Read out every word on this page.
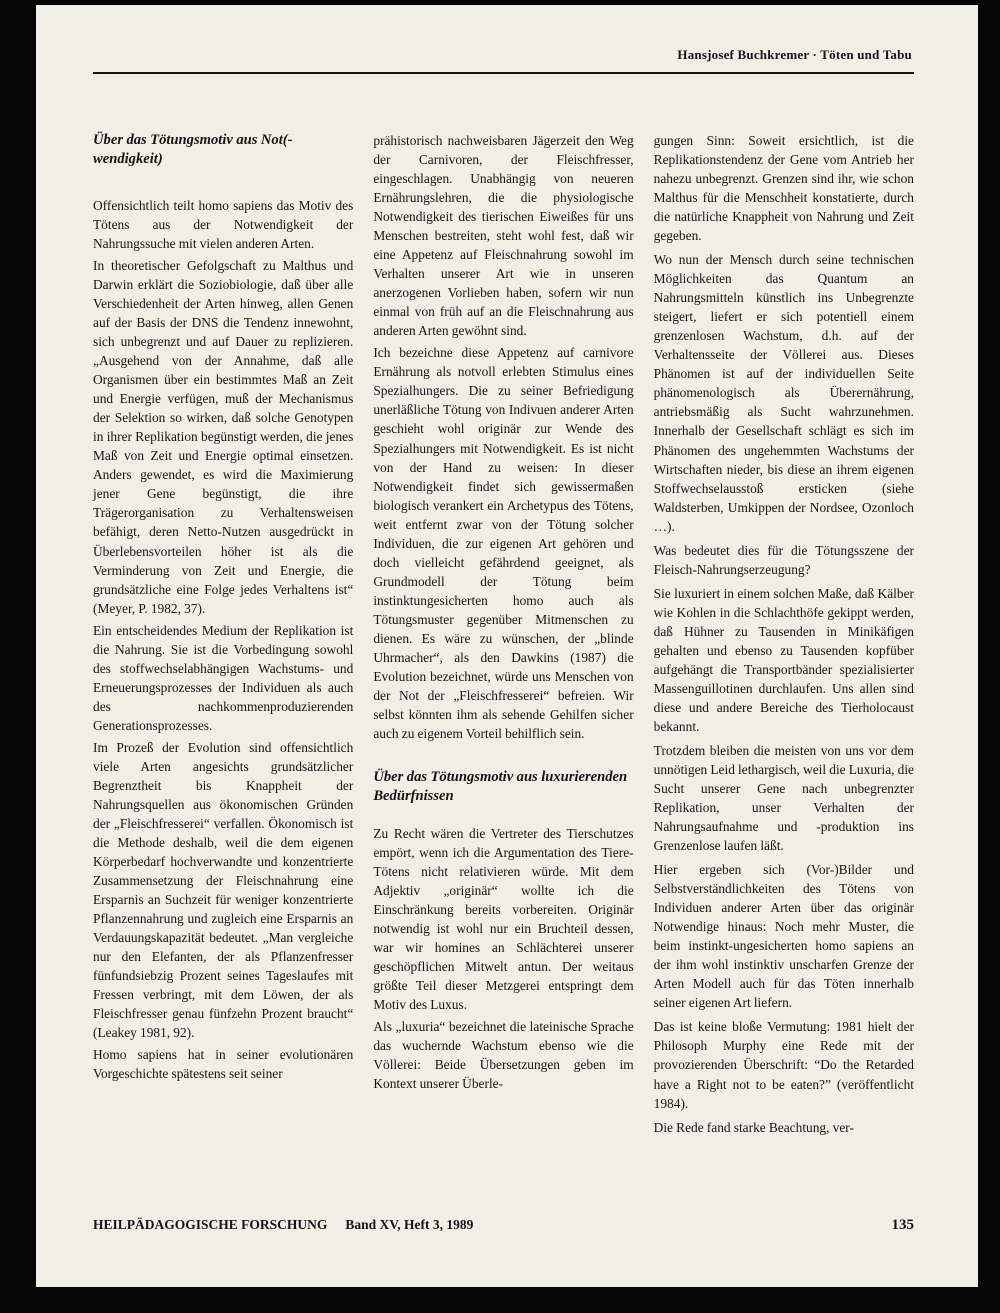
Hansjosef Buchkremer · Töten und Tabu
Über das Tötungsmotiv aus Not(-wendigkeit)

Offensichtlich teilt homo sapiens das Motiv des Tötens aus der Notwendigkeit der Nahrungssuche mit vielen anderen Arten.

In theoretischer Gefolgschaft zu Malthus und Darwin erklärt die Soziobiologie, daß über alle Verschiedenheit der Arten hinweg, allen Genen auf der Basis der DNS die Tendenz innewohnt, sich unbegrenzt und auf Dauer zu replizieren. „Ausgehend von der Annahme, daß alle Organismen über ein bestimmtes Maß an Zeit und Energie verfügen, muß der Mechanismus der Selektion so wirken, daß solche Genotypen in ihrer Replikation begünstigt werden, die jenes Maß von Zeit und Energie optimal einsetzen. Anders gewendet, es wird die Maximierung jener Gene begünstigt, die ihre Trägerorganisation zu Verhaltensweisen befähigt, deren Netto-Nutzen ausgedrückt in Überlebensvorteilen höher ist als die Verminderung von Zeit und Energie, die grundsätzliche eine Folge jedes Verhaltens ist“ (Meyer, P. 1982, 37).

Ein entscheidendes Medium der Replikation ist die Nahrung. Sie ist die Vorbedingung sowohl des stoffwechselabhängigen Wachstums- und Erneuerungsprozesses der Individuen als auch des nachkommenproduzierenden Generationsprozesses.

Im Prozeß der Evolution sind offensichtlich viele Arten angesichts grundsätzlicher Begrenztheit bis Knappheit der Nahrungsquellen aus ökonomischen Gründen der „Fleischfresserei“ verfallen. Ökonomisch ist die Methode deshalb, weil die dem eigenen Körperbedarf hochverwandte und konzentrierte Zusammensetzung der Fleischnahrung eine Ersparnis an Suchzeit für weniger konzentrierte Pflanzennahrung und zugleich eine Ersparnis an Verdauungskapazität bedeutet. „Man vergleiche nur den Elefanten, der als Pflanzenfresser fünfundsiebzig Prozent seines Tageslaufes mit Fressen verbringt, mit dem Löwen, der als Fleischfresser genau fünfzehn Prozent braucht“ (Leakey 1981, 92).

Homo sapiens hat in seiner evolutionären Vorgeschichte spätestens seit seiner

prähistorisch nachweisbaren Jägerzeit den Weg der Carnivoren, der Fleischfresser, eingeschlagen. Unabhängig von neueren Ernährungslehren, die die physiologische Notwendigkeit des tierischen Eiweißes für uns Menschen bestreiten, steht wohl fest, daß wir eine Appetenz auf Fleischnahrung sowohl im Verhalten unserer Art wie in unseren anerzogenen Vorlieben haben, sofern wir nun einmal von früh auf an die Fleischnahrung aus anderen Arten gewöhnt sind.

Ich bezeichne diese Appetenz auf carnivore Ernährung als notvoll erlebten Stimulus eines Spezialhungers. Die zu seiner Befriedigung unerläßliche Tötung von Indivuen anderer Arten geschieht wohl originär zur Wende des Spezialhungers mit Notwendigkeit. Es ist nicht von der Hand zu weisen: In dieser Notwendigkeit findet sich gewissermaßen biologisch verankert ein Archetypus des Tötens, weit entfernt zwar von der Tötung solcher Individuen, die zur eigenen Art gehören und doch vielleicht gefährdend geeignet, als Grundmodell der Tötung beim instinktungesicherten homo auch als Tötungsmuster gegenüber Mitmenschen zu dienen. Es wäre zu wünschen, der „blinde Uhrmacher“, als den Dawkins (1987) die Evolution bezeichnet, würde uns Menschen von der Not der „Fleischfresserei“ befreien. Wir selbst könnten ihm als sehende Gehilfen sicher auch zu eigenem Vorteil behilflich sein.

Über das Tötungsmotiv aus luxurierenden Bedürfnissen

Zu Recht wären die Vertreter des Tierschutzes empört, wenn ich die Argumentation des Tiere-Tötens nicht relativieren würde. Mit dem Adjektiv „originär“ wollte ich die Einschränkung bereits vorbereiten. Originär notwendig ist wohl nur ein Bruchteil dessen, war wir homines an Schlächterei unserer geschöpflichen Mitwelt antun. Der weitaus größte Teil dieser Metzgerei entspringt dem Motiv des Luxus.

Als „luxuria“ bezeichnet die lateinische Sprache das wuchernde Wachstum ebenso wie die Völlerei: Beide Übersetzungen geben im Kontext unserer Überle-

gungen Sinn: Soweit ersichtlich, ist die Replikationstendenz der Gene vom Antrieb her nahezu unbegrenzt. Grenzen sind ihr, wie schon Malthus für die Menschheit konstatierte, durch die natürliche Knappheit von Nahrung und Zeit gegeben.

Wo nun der Mensch durch seine technischen Möglichkeiten das Quantum an Nahrungsmitteln künstlich ins Unbegrenzte steigert, liefert er sich potentiell einem grenzenlosen Wachstum, d.h. auf der Verhaltensseite der Völlerei aus. Dieses Phänomen ist auf der individuellen Seite phänomenologisch als Überernährung, antriebsmäßig als Sucht wahrzunehmen. Innerhalb der Gesellschaft schlägt es sich im Phänomen des ungehemmten Wachstums der Wirtschaften nieder, bis diese an ihrem eigenen Stoffwechselausstoß ersticken (siehe Waldsterben, Umkippen der Nordsee, Ozonloch …).

Was bedeutet dies für die Tötungsszene der Fleisch-Nahrungserzeugung?

Sie luxuriert in einem solchen Maße, daß Kälber wie Kohlen in die Schlachthöfe gekippt werden, daß Hühner zu Tausenden in Minikäfigen gehalten und ebenso zu Tausenden kopfüber aufgehängt die Transportbänder spezialisierter Massenguillotinen durchlaufen. Uns allen sind diese und andere Bereiche des Tierholocaust bekannt.

Trotzdem bleiben die meisten von uns vor dem unnötigen Leid lethargisch, weil die Luxuria, die Sucht unserer Gene nach unbegrenzter Replikation, unser Verhalten der Nahrungsaufnahme und -produktion ins Grenzenlose laufen läßt.

Hier ergeben sich (Vor-)Bilder und Selbstverständlichkeiten des Tötens von Individuen anderer Arten über das originär Notwendige hinaus: Noch mehr Muster, die beim instinkt-ungesicherten homo sapiens an der ihm wohl instinktiv unscharfen Grenze der Arten Modell auch für das Töten innerhalb seiner eigenen Art liefern.

Das ist keine bloße Vermutung: 1981 hielt der Philosoph Murphy eine Rede mit der provozierenden Überschrift: “Do the Retarded have a Right not to be eaten?” (veröffentlicht 1984).

Die Rede fand starke Beachtung, ver-

HEILPÄDAGOGISCHE FORSCHUNG Band XV, Heft 3, 1989	135
